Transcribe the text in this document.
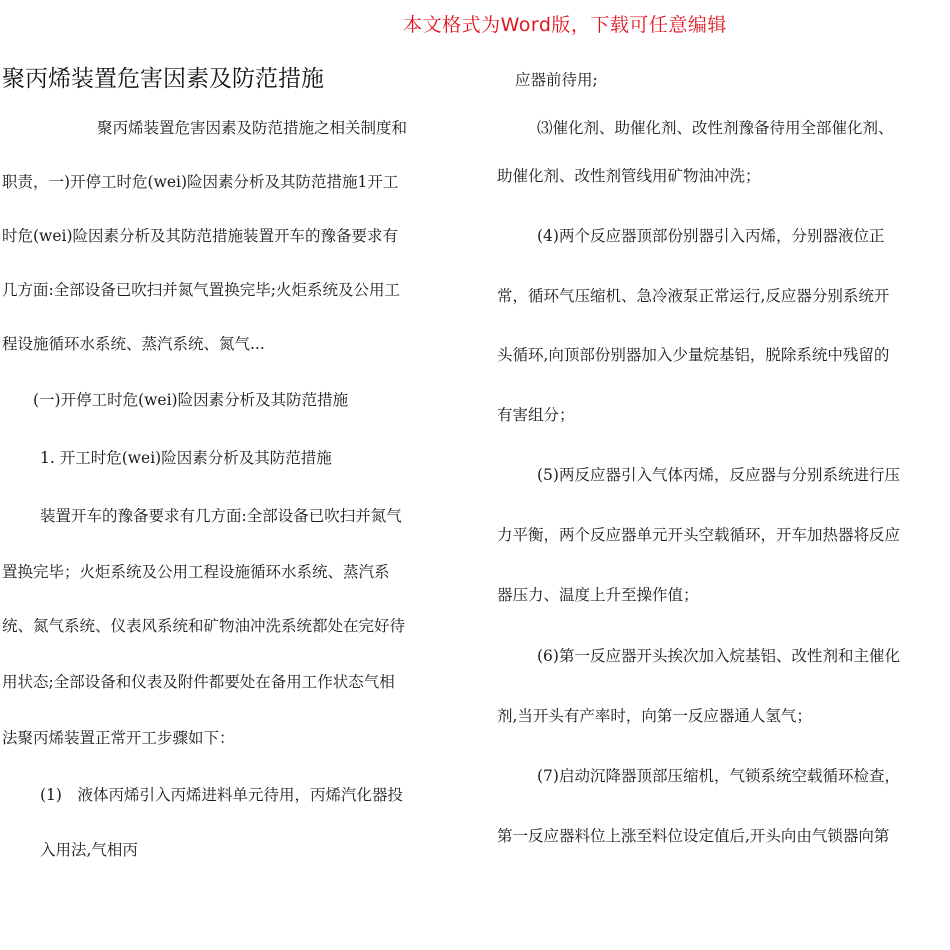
本文格式为Word版，下载可任意编辑
聚丙烯装置危害因素及防范措施
聚丙烯装置危害因素及防范措施之相关制度和
职责，一)开停工时危(wei)险因素分析及其防范措施1开工
时危(wei)险因素分析及其防范措施装置开车的豫备要求有
几方面:全部设备已吹扫并氮气置换完毕;火炬系统及公用工
程设施循环水系统、蒸汽系统、氮气...
(一)开停工时危(wei)险因素分析及其防范措施
1. 开工时危(wei)险因素分析及其防范措施
装置开车的豫备要求有几方面:全部设备已吹扫并氮气
置换完毕；火炬系统及公用工程设施循环水系统、蒸汽系
统、氮气系统、仪表风系统和矿物油冲洗系统都处在完好待
用状态;全部设备和仪表及附件都要处在备用工作状态气相
法聚丙烯装置正常开工步骤如下：
(1)　液体丙烯引入丙烯进料单元待用，丙烯汽化器投
入用法,气相丙
应器前待用;
⑶催化剂、助催化剂、改性剂豫备待用全部催化剂、
助催化剂、改性剂管线用矿物油冲洗；
(4)两个反应器顶部份别器引入丙烯，分别器液位正
常，循环气压缩机、急冷液泵正常运行,反应器分别系统开
头循环,向顶部份别器加入少量烷基铝，脱除系统中残留的
有害组分；
(5)两反应器引入气体丙烯，反应器与分别系统进行压
力平衡，两个反应器单元开头空载循环，开车加热器将反应
器压力、温度上升至操作值；
(6)第一反应器开头挨次加入烷基铝、改性剂和主催化
剂,当开头有产率时，向第一反应器通人氢气；
(7)启动沉降器顶部压缩机，气锁系统空载循环检查，
第一反应器料位上涨至料位设定值后,开头向由气锁器向第
